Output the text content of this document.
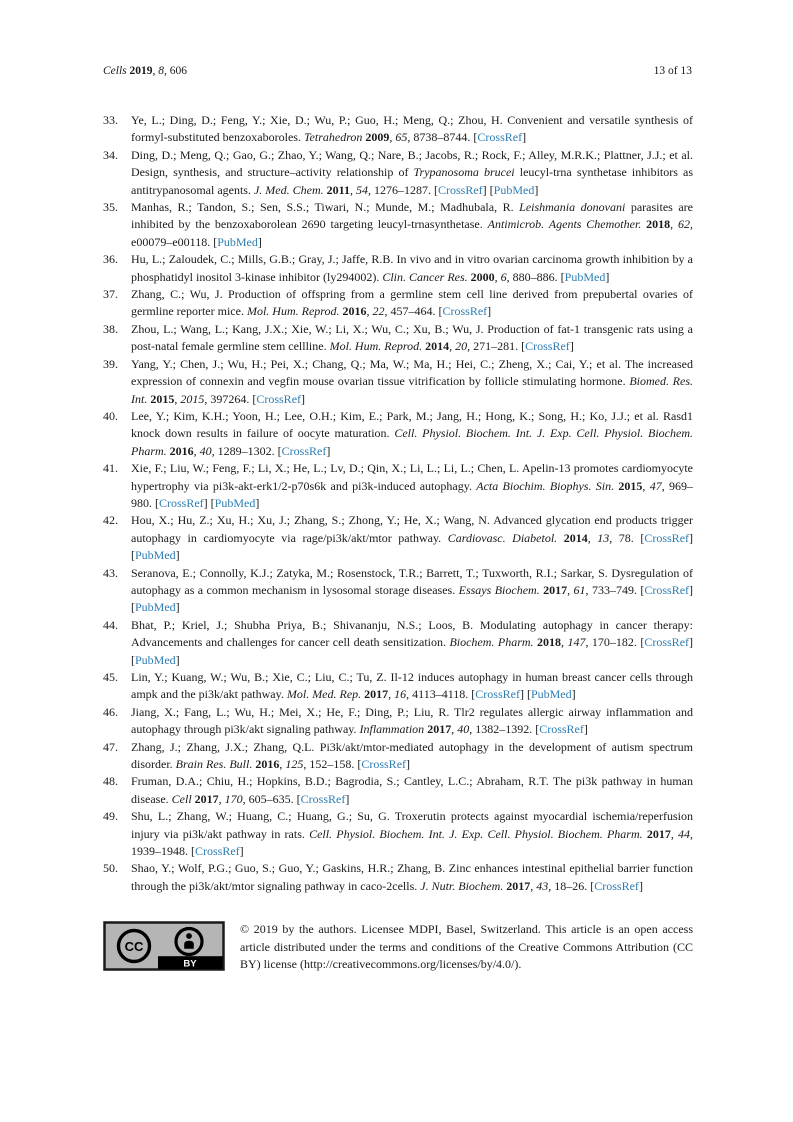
Cells 2019, 8, 606	13 of 13
33.	Ye, L.; Ding, D.; Feng, Y.; Xie, D.; Wu, P.; Guo, H.; Meng, Q.; Zhou, H. Convenient and versatile synthesis of formyl-substituted benzoxaboroles. Tetrahedron 2009, 65, 8738–8744. [CrossRef]
34.	Ding, D.; Meng, Q.; Gao, G.; Zhao, Y.; Wang, Q.; Nare, B.; Jacobs, R.; Rock, F.; Alley, M.R.K.; Plattner, J.J.; et al. Design, synthesis, and structure–activity relationship of Trypanosoma brucei leucyl-trna synthetase inhibitors as antitrypanosomal agents. J. Med. Chem. 2011, 54, 1276–1287. [CrossRef] [PubMed]
35.	Manhas, R.; Tandon, S.; Sen, S.S.; Tiwari, N.; Munde, M.; Madhubala, R. Leishmania donovani parasites are inhibited by the benzoxaborolean 2690 targeting leucyl-trnasynthetase. Antimicrob. Agents Chemother. 2018, 62, e00079–e00118. [PubMed]
36.	Hu, L.; Zaloudek, C.; Mills, G.B.; Gray, J.; Jaffe, R.B. In vivo and in vitro ovarian carcinoma growth inhibition by a phosphatidyl inositol 3-kinase inhibitor (ly294002). Clin. Cancer Res. 2000, 6, 880–886. [PubMed]
37.	Zhang, C.; Wu, J. Production of offspring from a germline stem cell line derived from prepubertal ovaries of germline reporter mice. Mol. Hum. Reprod. 2016, 22, 457–464. [CrossRef]
38.	Zhou, L.; Wang, L.; Kang, J.X.; Xie, W.; Li, X.; Wu, C.; Xu, B.; Wu, J. Production of fat-1 transgenic rats using a post-natal female germline stem cellline. Mol. Hum. Reprod. 2014, 20, 271–281. [CrossRef]
39.	Yang, Y.; Chen, J.; Wu, H.; Pei, X.; Chang, Q.; Ma, W.; Ma, H.; Hei, C.; Zheng, X.; Cai, Y.; et al. The increased expression of connexin and vegfin mouse ovarian tissue vitrification by follicle stimulating hormone. Biomed. Res. Int. 2015, 2015, 397264. [CrossRef]
40.	Lee, Y.; Kim, K.H.; Yoon, H.; Lee, O.H.; Kim, E.; Park, M.; Jang, H.; Hong, K.; Song, H.; Ko, J.J.; et al. Rasd1 knock down results in failure of oocyte maturation. Cell. Physiol. Biochem. Int. J. Exp. Cell. Physiol. Biochem. Pharm. 2016, 40, 1289–1302. [CrossRef]
41.	Xie, F.; Liu, W.; Feng, F.; Li, X.; He, L.; Lv, D.; Qin, X.; Li, L.; Li, L.; Chen, L. Apelin-13 promotes cardiomyocyte hypertrophy via pi3k-akt-erk1/2-p70s6k and pi3k-induced autophagy. Acta Biochim. Biophys. Sin. 2015, 47, 969–980. [CrossRef] [PubMed]
42.	Hou, X.; Hu, Z.; Xu, H.; Xu, J.; Zhang, S.; Zhong, Y.; He, X.; Wang, N. Advanced glycation end products trigger autophagy in cardiomyocyte via rage/pi3k/akt/mtor pathway. Cardiovasc. Diabetol. 2014, 13, 78. [CrossRef] [PubMed]
43.	Seranova, E.; Connolly, K.J.; Zatyka, M.; Rosenstock, T.R.; Barrett, T.; Tuxworth, R.I.; Sarkar, S. Dysregulation of autophagy as a common mechanism in lysosomal storage diseases. Essays Biochem. 2017, 61, 733–749. [CrossRef] [PubMed]
44.	Bhat, P.; Kriel, J.; Shubha Priya, B.; Shivananju, N.S.; Loos, B. Modulating autophagy in cancer therapy: Advancements and challenges for cancer cell death sensitization. Biochem. Pharm. 2018, 147, 170–182. [CrossRef] [PubMed]
45.	Lin, Y.; Kuang, W.; Wu, B.; Xie, C.; Liu, C.; Tu, Z. Il-12 induces autophagy in human breast cancer cells through ampk and the pi3k/akt pathway. Mol. Med. Rep. 2017, 16, 4113–4118. [CrossRef] [PubMed]
46.	Jiang, X.; Fang, L.; Wu, H.; Mei, X.; He, F.; Ding, P.; Liu, R. Tlr2 regulates allergic airway inflammation and autophagy through pi3k/akt signaling pathway. Inflammation 2017, 40, 1382–1392. [CrossRef]
47.	Zhang, J.; Zhang, J.X.; Zhang, Q.L. Pi3k/akt/mtor-mediated autophagy in the development of autism spectrum disorder. Brain Res. Bull. 2016, 125, 152–158. [CrossRef]
48.	Fruman, D.A.; Chiu, H.; Hopkins, B.D.; Bagrodia, S.; Cantley, L.C.; Abraham, R.T. The pi3k pathway in human disease. Cell 2017, 170, 605–635. [CrossRef]
49.	Shu, L.; Zhang, W.; Huang, C.; Huang, G.; Su, G. Troxerutin protects against myocardial ischemia/reperfusion injury via pi3k/akt pathway in rats. Cell. Physiol. Biochem. Int. J. Exp. Cell. Physiol. Biochem. Pharm. 2017, 44, 1939–1948. [CrossRef]
50.	Shao, Y.; Wolf, P.G.; Guo, S.; Guo, Y.; Gaskins, H.R.; Zhang, B. Zinc enhances intestinal epithelial barrier function through the pi3k/akt/mtor signaling pathway in caco-2cells. J. Nutr. Biochem. 2017, 43, 18–26. [CrossRef]
CC
BY

© 2019 by the authors. Licensee MDPI, Basel, Switzerland. This article is an open access article distributed under the terms and conditions of the Creative Commons Attribution (CC BY) license (http://creativecommons.org/licenses/by/4.0/).
